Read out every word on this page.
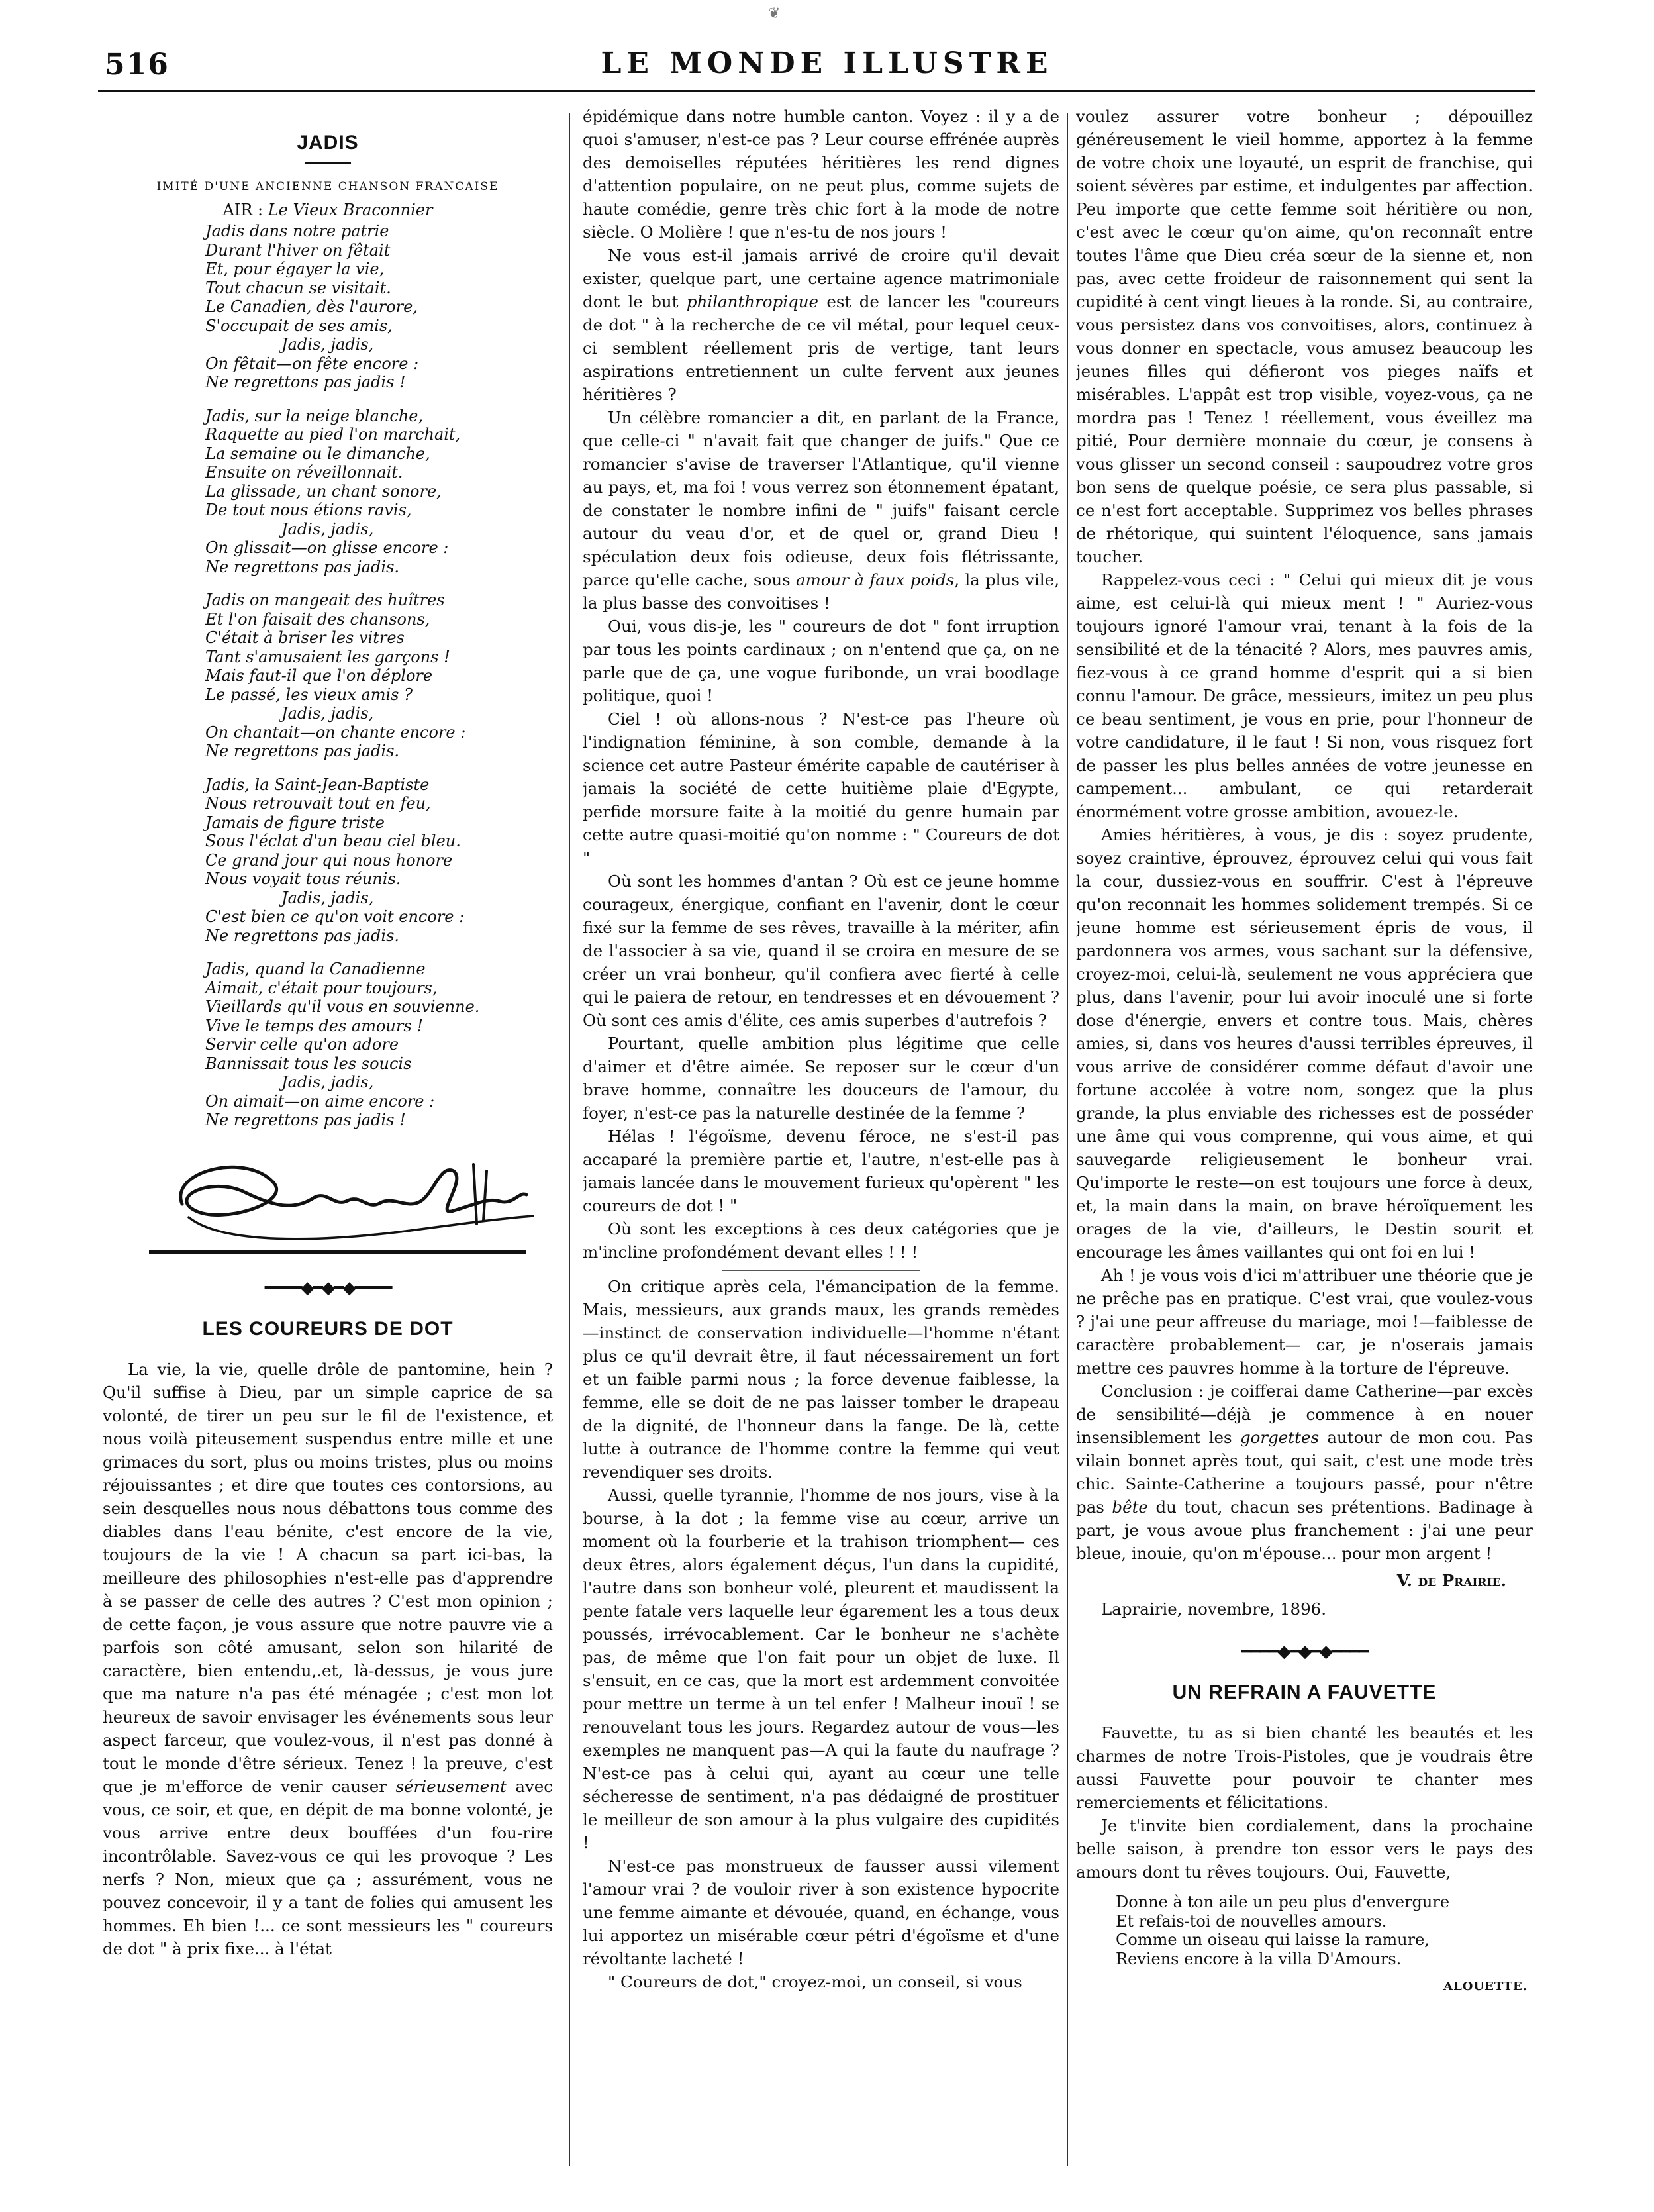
❦
516	LE MONDE ILLUSTRE
JADIS

IMITÉ D'UNE ANCIENNE CHANSON FRANCAISE

AIR : Le Vieux Braconnier

Jadis dans notre patrie
Durant l'hiver on fêtait
Et, pour égayer la vie,
Tout chacun se visitait.
Le Canadien, dès l'aurore,
S'occupait de ses amis,
Jadis, jadis,
On fêtait—on fête encore :
Ne regrettons pas jadis !
Jadis, sur la neige blanche,
Raquette au pied l'on marchait,
La semaine ou le dimanche,
Ensuite on réveillonnait.
La glissade, un chant sonore,
De tout nous étions ravis,
Jadis, jadis,
On glissait—on glisse encore :
Ne regrettons pas jadis.
Jadis on mangeait des huîtres
Et l'on faisait des chansons,
C'était à briser les vitres
Tant s'amusaient les garçons !
Mais faut-il que l'on déplore
Le passé, les vieux amis ?
Jadis, jadis,
On chantait—on chante encore :
Ne regrettons pas jadis.
Jadis, la Saint-Jean-Baptiste
Nous retrouvait tout en feu,
Jamais de figure triste
Sous l'éclat d'un beau ciel bleu.
Ce grand jour qui nous honore
Nous voyait tous réunis.
Jadis, jadis,
C'est bien ce qu'on voit encore :
Ne regrettons pas jadis.
Jadis, quand la Canadienne
Aimait, c'était pour toujours,
Vieillards qu'il vous en souvienne.
Vive le temps des amours !
Servir celle qu'on adore
Bannissait tous les soucis
Jadis, jadis,
On aimait—on aime encore :
Ne regrettons pas jadis !
━━━━◆━◆━◆━━━━
LES COUREURS DE DOT

La vie, la vie, quelle drôle de pantomine, hein ? Qu'il suffise à Dieu, par un simple caprice de sa volonté, de tirer un peu sur le fil de l'existence, et nous voilà piteusement suspendus entre mille et une grimaces du sort, plus ou moins tristes, plus ou moins réjouissantes ; et dire que toutes ces contorsions, au sein desquelles nous nous débattons tous comme des diables dans l'eau bénite, c'est encore de la vie, toujours de la vie ! A chacun sa part ici-bas, la meilleure des philosophies n'est-elle pas d'apprendre à se passer de celle des autres ? C'est mon opinion ; de cette façon, je vous assure que notre pauvre vie a parfois son côté amusant, selon son hilarité de caractère, bien entendu,.et, là-dessus, je vous jure que ma nature n'a pas été ménagée ; c'est mon lot heureux de savoir envisager les événements sous leur aspect farceur, que voulez-vous, il n'est pas donné à tout le monde d'être sérieux. Tenez ! la preuve, c'est que je m'efforce de venir causer sérieusement avec vous, ce soir, et que, en dépit de ma bonne volonté, je vous arrive entre deux bouffées d'un fou-rire incontrôlable. Savez-vous ce qui les provoque ? Les nerfs ? Non, mieux que ça ; assurément, vous ne pouvez concevoir, il y a tant de folies qui amusent les hommes. Eh bien !... ce sont messieurs les " coureurs de dot " à prix fixe... à l'état

épidémique dans notre humble canton. Voyez : il y a de quoi s'amuser, n'est-ce pas ? Leur course effrénée auprès des demoiselles réputées héritières les rend dignes d'attention populaire, on ne peut plus, comme sujets de haute comédie, genre très chic fort à la mode de notre siècle. O Molière ! que n'es-tu de nos jours !

Ne vous est-il jamais arrivé de croire qu'il devait exister, quelque part, une certaine agence matrimoniale dont le but philanthropique est de lancer les "coureurs de dot " à la recherche de ce vil métal, pour lequel ceux-ci semblent réellement pris de vertige, tant leurs aspirations entretiennent un culte fervent aux jeunes héritières ?

Un célèbre romancier a dit, en parlant de la France, que celle-ci " n'avait fait que changer de juifs." Que ce romancier s'avise de traverser l'Atlantique, qu'il vienne au pays, et, ma foi ! vous verrez son étonnement épatant, de constater le nombre infini de " juifs" faisant cercle autour du veau d'or, et de quel or, grand Dieu ! spéculation deux fois odieuse, deux fois flétrissante, parce qu'elle cache, sous amour à faux poids, la plus vile, la plus basse des convoitises !

Oui, vous dis-je, les " coureurs de dot " font irruption par tous les points cardinaux ; on n'entend que ça, on ne parle que de ça, une vogue furibonde, un vrai boodlage politique, quoi !

Ciel ! où allons-nous ? N'est-ce pas l'heure où l'indignation féminine, à son comble, demande à la science cet autre Pasteur émérite capable de cautériser à jamais la société de cette huitième plaie d'Egypte, perfide morsure faite à la moitié du genre humain par cette autre quasi-moitié qu'on nomme : " Coureurs de dot "

Où sont les hommes d'antan ? Où est ce jeune homme courageux, énergique, confiant en l'avenir, dont le cœur fixé sur la femme de ses rêves, travaille à la mériter, afin de l'associer à sa vie, quand il se croira en mesure de se créer un vrai bonheur, qu'il confiera avec fierté à celle qui le paiera de retour, en tendresses et en dévouement ? Où sont ces amis d'élite, ces amis superbes d'autrefois ?

Pourtant, quelle ambition plus légitime que celle d'aimer et d'être aimée. Se reposer sur le cœur d'un brave homme, connaître les douceurs de l'amour, du foyer, n'est-ce pas la naturelle destinée de la femme ?

Hélas ! l'égoïsme, devenu féroce, ne s'est-il pas accaparé la première partie et, l'autre, n'est-elle pas à jamais lancée dans le mouvement furieux qu'opèrent " les coureurs de dot ! "

Où sont les exceptions à ces deux catégories que je m'incline profondément devant elles ! ! !

On critique après cela, l'émancipation de la femme. Mais, messieurs, aux grands maux, les grands remèdes —instinct de conservation individuelle—l'homme n'étant plus ce qu'il devrait être, il faut nécessairement un fort et un faible parmi nous ; la force devenue faiblesse, la femme, elle se doit de ne pas laisser tomber le drapeau de la dignité, de l'honneur dans la fange. De là, cette lutte à outrance de l'homme contre la femme qui veut revendiquer ses droits.

Aussi, quelle tyrannie, l'homme de nos jours, vise à la bourse, à la dot ; la femme vise au cœur, arrive un moment où la fourberie et la trahison triomphent— ces deux êtres, alors également déçus, l'un dans la cupidité, l'autre dans son bonheur volé, pleurent et maudissent la pente fatale vers laquelle leur égarement les a tous deux poussés, irrévocablement. Car le bonheur ne s'achète pas, de même que l'on fait pour un objet de luxe. Il s'ensuit, en ce cas, que la mort est ardemment convoitée pour mettre un terme à un tel enfer ! Malheur inouï ! se renouvelant tous les jours. Regardez autour de vous—les exemples ne manquent pas—A qui la faute du naufrage ? N'est-ce pas à celui qui, ayant au cœur une telle sécheresse de sentiment, n'a pas dédaigné de prostituer le meilleur de son amour à la plus vulgaire des cupidités !

N'est-ce pas monstrueux de fausser aussi vilement l'amour vrai ? de vouloir river à son existence hypocrite une femme aimante et dévouée, quand, en échange, vous lui apportez un misérable cœur pétri d'égoïsme et d'une révoltante lacheté !

" Coureurs de dot," croyez-moi, un conseil, si vous

voulez assurer votre bonheur ; dépouillez généreusement le vieil homme, apportez à la femme de votre choix une loyauté, un esprit de franchise, qui soient sévères par estime, et indulgentes par affection. Peu importe que cette femme soit héritière ou non, c'est avec le cœur qu'on aime, qu'on reconnaît entre toutes l'âme que Dieu créa sœur de la sienne et, non pas, avec cette froideur de raisonnement qui sent la cupidité à cent vingt lieues à la ronde. Si, au contraire, vous persistez dans vos convoitises, alors, continuez à vous donner en spectacle, vous amusez beaucoup les jeunes filles qui défieront vos pieges naïfs et misérables. L'appât est trop visible, voyez-vous, ça ne mordra pas ! Tenez ! réellement, vous éveillez ma pitié, Pour dernière monnaie du cœur, je consens à vous glisser un second conseil : saupoudrez votre gros bon sens de quelque poésie, ce sera plus passable, si ce n'est fort acceptable. Supprimez vos belles phrases de rhétorique, qui suintent l'éloquence, sans jamais toucher.

Rappelez-vous ceci : " Celui qui mieux dit je vous aime, est celui-là qui mieux ment ! " Auriez-vous toujours ignoré l'amour vrai, tenant à la fois de la sensibilité et de la ténacité ? Alors, mes pauvres amis, fiez-vous à ce grand homme d'esprit qui a si bien connu l'amour. De grâce, messieurs, imitez un peu plus ce beau sentiment, je vous en prie, pour l'honneur de votre candidature, il le faut ! Si non, vous risquez fort de passer les plus belles années de votre jeunesse en campement... ambulant, ce qui retarderait énormément votre grosse ambition, avouez-le.

Amies héritières, à vous, je dis : soyez prudente, soyez craintive, éprouvez, éprouvez celui qui vous fait la cour, dussiez-vous en souffrir. C'est à l'épreuve qu'on reconnait les hommes solidement trempés. Si ce jeune homme est sérieusement épris de vous, il pardonnera vos armes, vous sachant sur la défensive, croyez-moi, celui-là, seulement ne vous appréciera que plus, dans l'avenir, pour lui avoir inoculé une si forte dose d'énergie, envers et contre tous. Mais, chères amies, si, dans vos heures d'aussi terribles épreuves, il vous arrive de considérer comme défaut d'avoir une fortune accolée à votre nom, songez que la plus grande, la plus enviable des richesses est de posséder une âme qui vous comprenne, qui vous aime, et qui sauvegarde religieusement le bonheur vrai. Qu'importe le reste—on est toujours une force à deux, et, la main dans la main, on brave héroïquement les orages de la vie, d'ailleurs, le Destin sourit et encourage les âmes vaillantes qui ont foi en lui !

Ah ! je vous vois d'ici m'attribuer une théorie que je ne prêche pas en pratique. C'est vrai, que voulez-vous ? j'ai une peur affreuse du mariage, moi !—faiblesse de caractère probablement— car, je n'oserais jamais mettre ces pauvres homme à la torture de l'épreuve.

Conclusion : je coifferai dame Catherine—par excès de sensibilité—déjà je commence à en nouer insensiblement les gorgettes autour de mon cou. Pas vilain bonnet après tout, qui sait, c'est une mode très chic. Sainte-Catherine a toujours passé, pour n'être pas bête du tout, chacun ses prétentions. Badinage à part, je vous avoue plus franchement : j'ai une peur bleue, inouie, qu'on m'épouse... pour mon argent !

V. de Prairie.
Laprairie, novembre, 1896.
━━━━◆━◆━◆━━━━
UN REFRAIN A FAUVETTE

Fauvette, tu as si bien chanté les beautés et les charmes de notre Trois-Pistoles, que je voudrais être aussi Fauvette pour pouvoir te chanter mes remerciements et félicitations.

Je t'invite bien cordialement, dans la prochaine belle saison, à prendre ton essor vers le pays des amours dont tu rêves toujours. Oui, Fauvette,

Donne à ton aile un peu plus d'envergure
Et refais-toi de nouvelles amours.
Comme un oiseau qui laisse la ramure,
Reviens encore à la villa D'Amours.
ALOUETTE.
